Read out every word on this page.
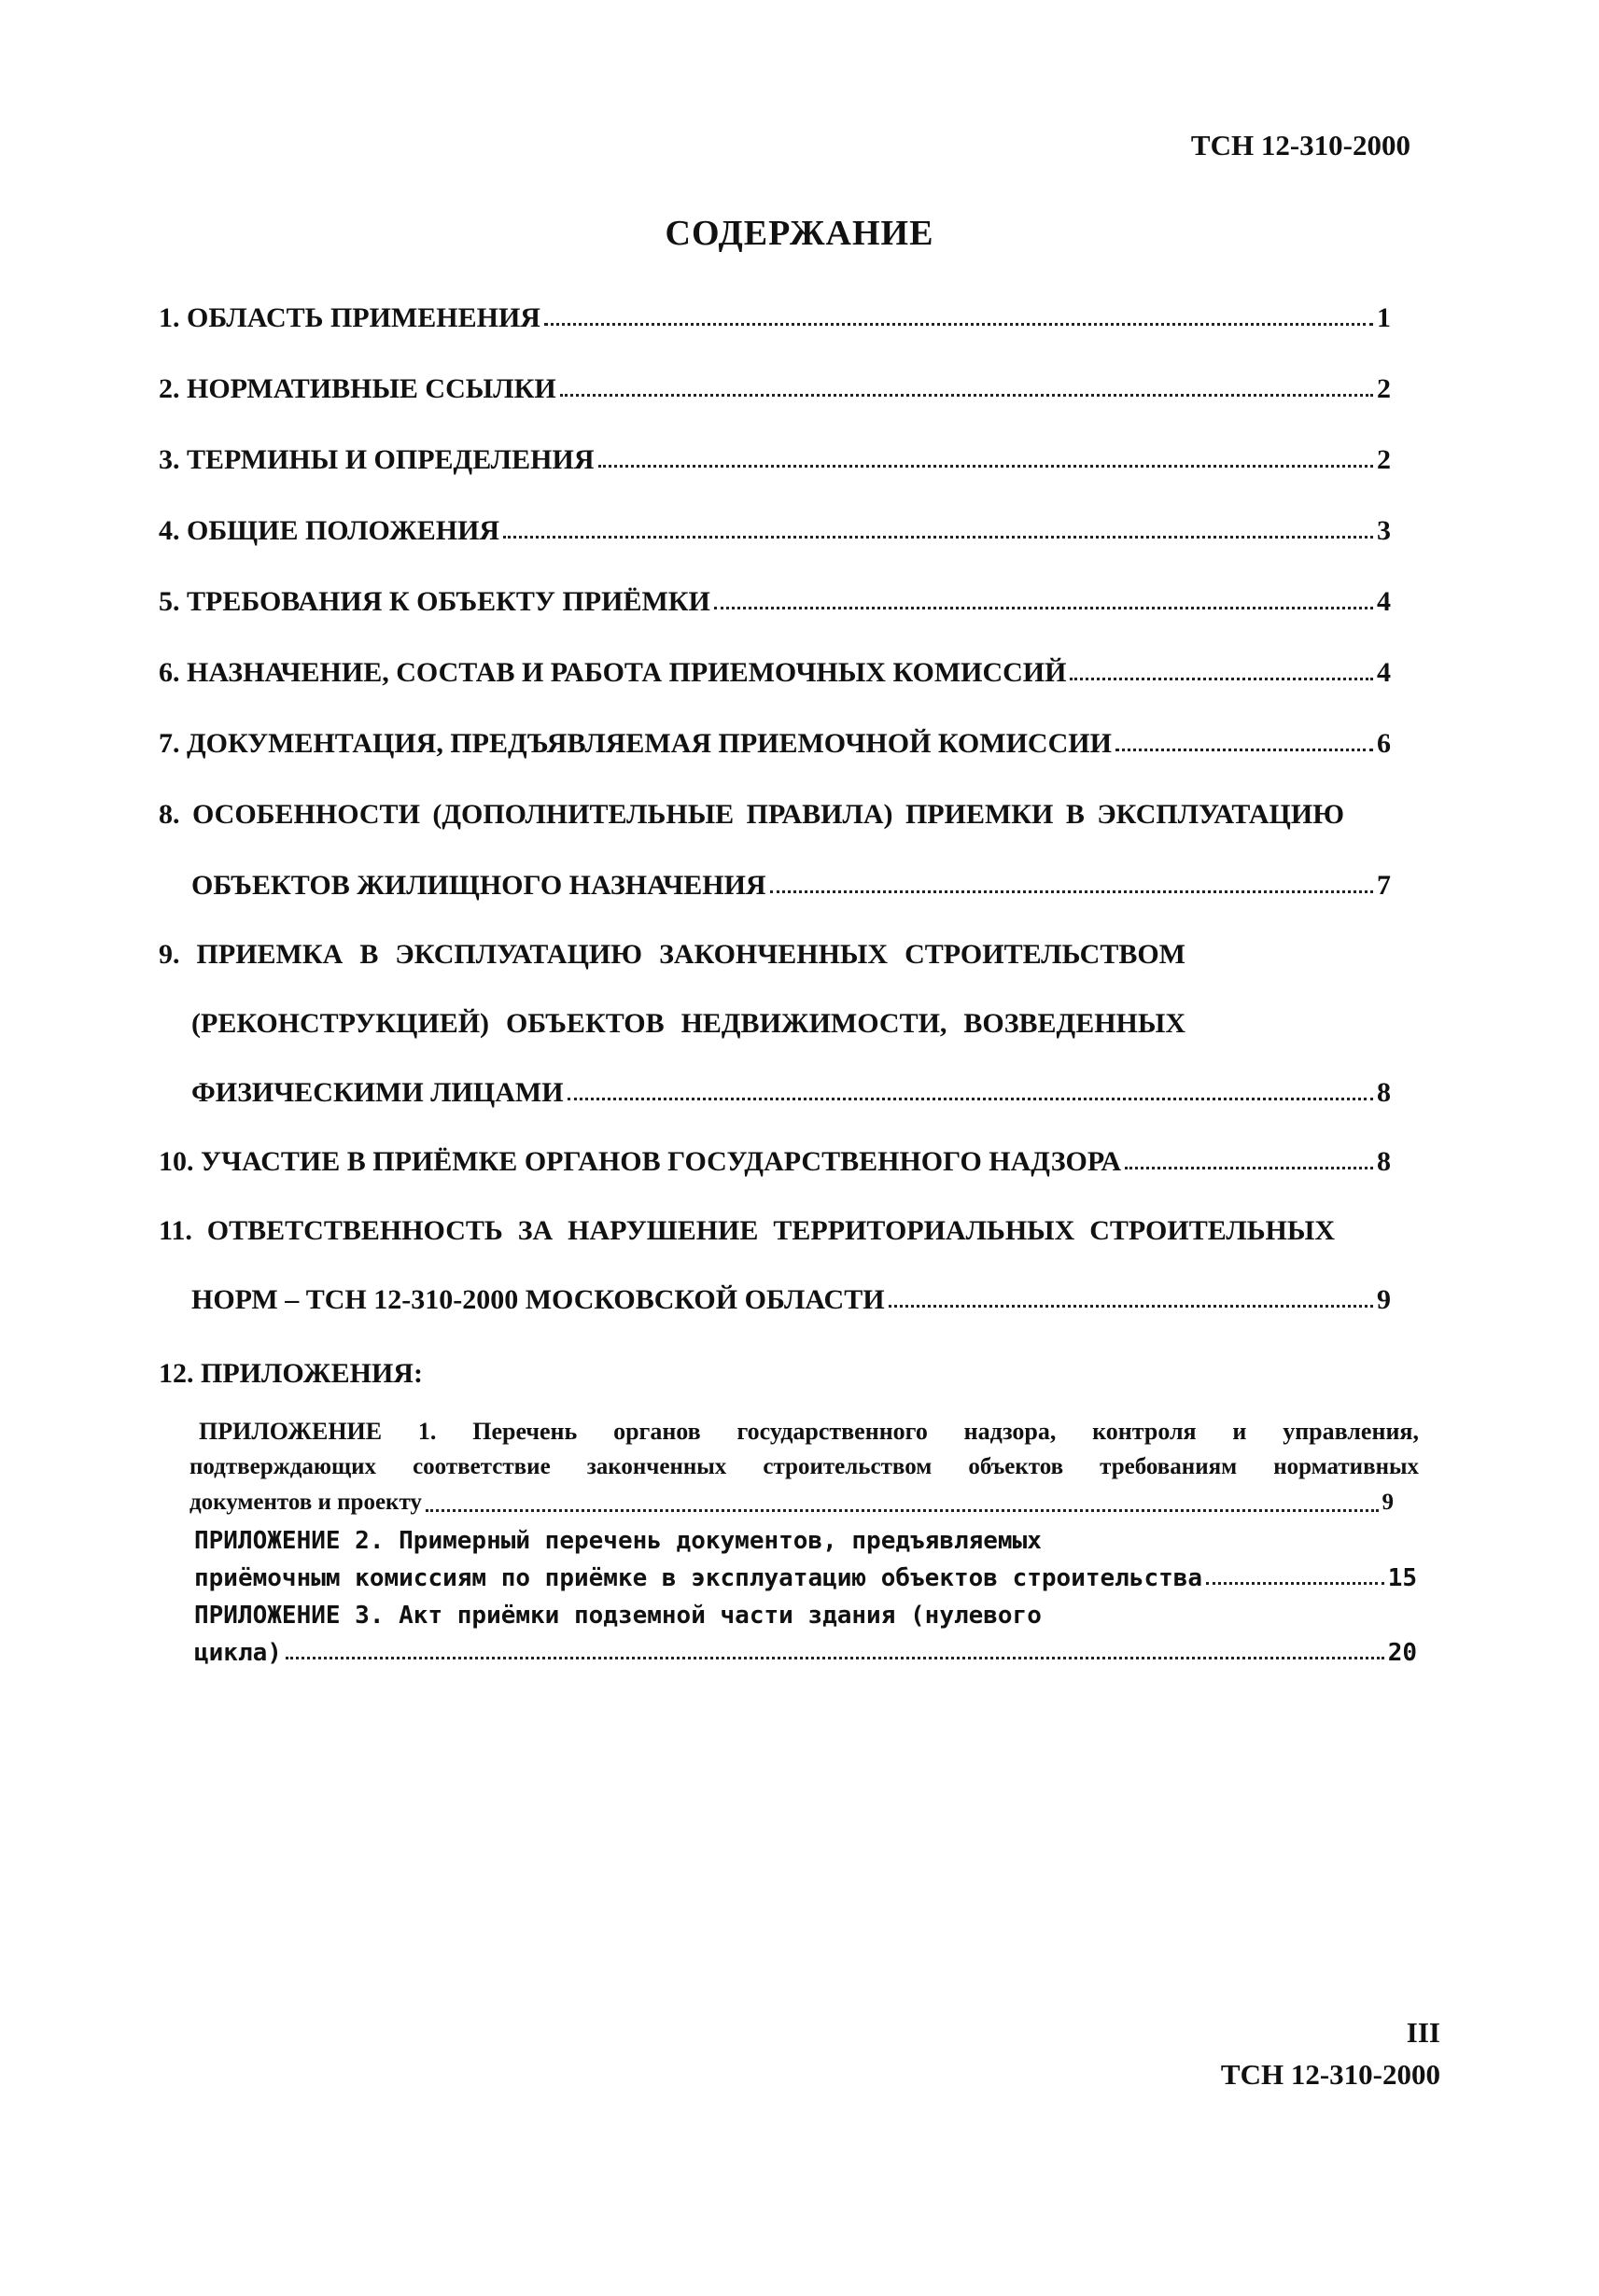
ТСН 12-310-2000
СОДЕРЖАНИЕ
1. ОБЛАСТЬ ПРИМЕНЕНИЯ	1
2. НОРМАТИВНЫЕ ССЫЛКИ	2
3. ТЕРМИНЫ И ОПРЕДЕЛЕНИЯ	2
4. ОБЩИЕ ПОЛОЖЕНИЯ	3
5. ТРЕБОВАНИЯ К ОБЪЕКТУ ПРИЁМКИ	4
6. НАЗНАЧЕНИЕ, СОСТАВ И РАБОТА ПРИЕМОЧНЫХ КОМИССИЙ	4
7. ДОКУМЕНТАЦИЯ, ПРЕДЪЯВЛЯЕМАЯ ПРИЕМОЧНОЙ КОМИССИИ	6
8. ОСОБЕННОСТИ (ДОПОЛНИТЕЛЬНЫЕ ПРАВИЛА) ПРИЕМКИ В ЭКСПЛУАТАЦИЮ
ОБЪЕКТОВ ЖИЛИЩНОГО НАЗНАЧЕНИЯ	7
9. ПРИЕМКА В ЭКСПЛУАТАЦИЮ ЗАКОНЧЕННЫХ СТРОИТЕЛЬСТВОМ
(РЕКОНСТРУКЦИЕЙ) ОБЪЕКТОВ НЕДВИЖИМОСТИ, ВОЗВЕДЕННЫХ
ФИЗИЧЕСКИМИ ЛИЦАМИ	8
10. УЧАСТИЕ В ПРИЁМКЕ ОРГАНОВ ГОСУДАРСТВЕННОГО НАДЗОРА	8
11. ОТВЕТСТВЕННОСТЬ ЗА НАРУШЕНИЕ ТЕРРИТОРИАЛЬНЫХ СТРОИТЕЛЬНЫХ
НОРМ – ТСН 12-310-2000 МОСКОВСКОЙ ОБЛАСТИ	9
12. ПРИЛОЖЕНИЯ:
ПРИЛОЖЕНИЕ 1. Перечень органов государственного надзора, контроля и управления,
подтверждающих соответствие законченных строительством объектов требованиям нормативных
документов и проекту	9
ПРИЛОЖЕНИЕ 2. Примерный перечень документов, предъявляемых
приёмочным комиссиям по приёмке в эксплуатацию объектов строительства	15
ПРИЛОЖЕНИЕ 3. Акт приёмки подземной части здания (нулевого
цикла)	20
III
ТСН 12-310-2000
